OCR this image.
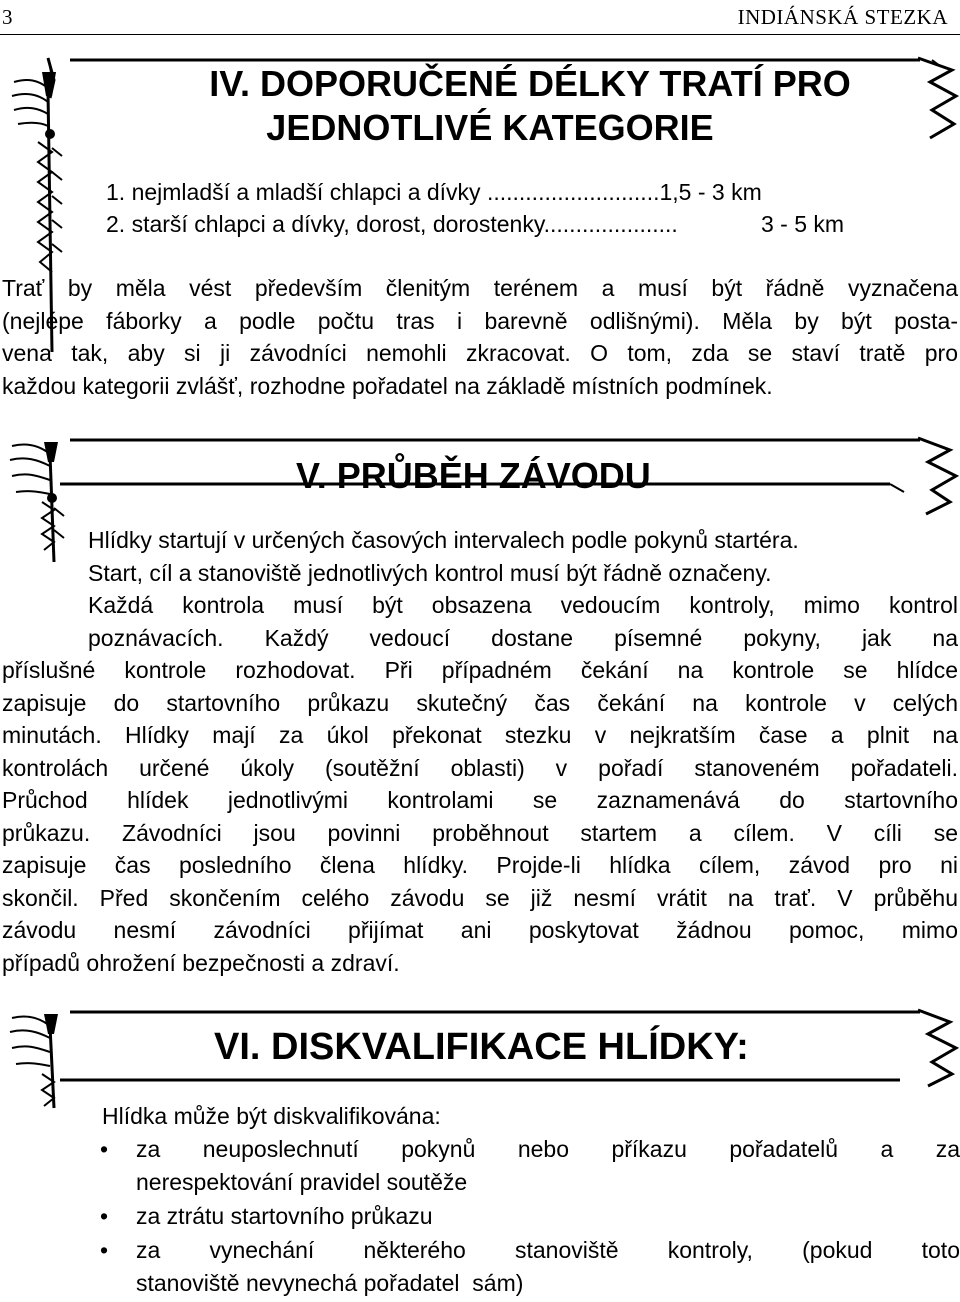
3	INDIÁNSKÁ STEZKA
IV. DOPORUČENÉ DÉLKY TRATÍ PRO
JEDNOTLIVÉ KATEGORIE
1. nejmladší a mladší chlapci a dívky ...........................1,5 - 3 km
2. starší chlapci a dívky, dorost, dorostenky.....................	3 - 5 km
Trať by měla vést především členitým terénem a musí být řádně vyznačena
(nejlépe fáborky a podle počtu tras i barevně odlišnými). Měla by být posta-
vena tak, aby si ji závodníci nemohli zkracovat. O tom, zda se staví tratě pro
každou kategorii zvlášť, rozhodne pořadatel na základě místních podmínek.
V. PRŮBĚH ZÁVODU
Hlídky startují v určených časových intervalech podle pokynů startéra.
Start, cíl a stanoviště jednotlivých kontrol musí být řádně označeny.
Každá kontrola musí být obsazena vedoucím kontroly, mimo kontrol
poznávacích. Každý vedoucí dostane písemné pokyny, jak na
příslušné kontrole rozhodovat. Při případném čekání na kontrole se hlídce
zapisuje do startovního průkazu skutečný čas čekání na kontrole v celých
minutách. Hlídky mají za úkol překonat stezku v nejkratším čase a plnit na
kontrolách určené úkoly (soutěžní oblasti) v pořadí stanoveném pořadateli.
Průchod hlídek jednotlivými kontrolami se zaznamenává do startovního
průkazu. Závodníci jsou povinni proběhnout startem a cílem. V cíli se
zapisuje čas posledního člena hlídky. Projde-li hlídka cílem, závod pro ni
skončil. Před skončením celého závodu se již nesmí vrátit na trať. V průběhu
závodu nesmí závodníci přijímat ani poskytovat žádnou pomoc, mimo
případů ohrožení bezpečnosti a zdraví.
VI. DISKVALIFIKACE HLÍDKY:
Hlídka může být diskvalifikována:
• za neuposlechnutí pokynů nebo příkazu pořadatelů a za
nerespektování pravidel soutěže
• za ztrátu startovního průkazu
• za vynechání některého stanoviště kontroly, (pokud toto
stanoviště nevynechá pořadatel  sám)
